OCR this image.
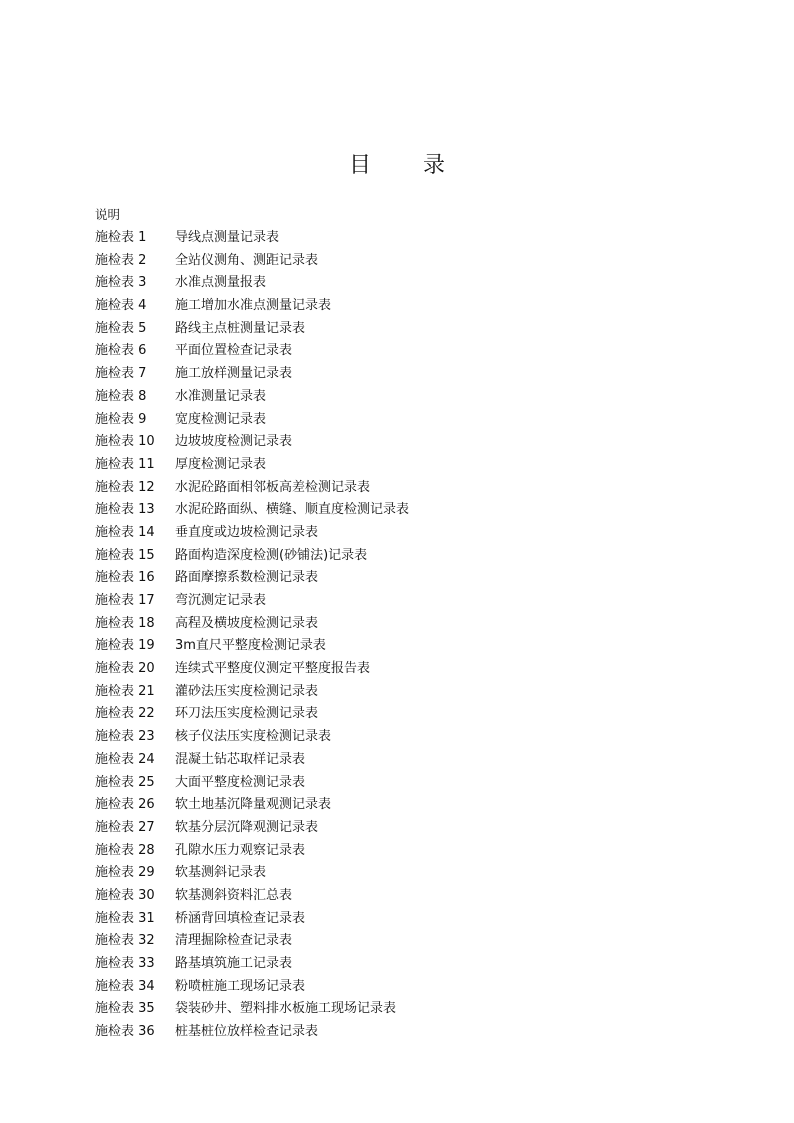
目 录
说明
施检表 1	导线点测量记录表
施检表 2	全站仪测角、测距记录表
施检表 3	水准点测量报表
施检表 4	施工增加水准点测量记录表
施检表 5	路线主点桩测量记录表
施检表 6	平面位置检查记录表
施检表 7	施工放样测量记录表
施检表 8	水准测量记录表
施检表 9	宽度检测记录表
施检表 10	边坡坡度检测记录表
施检表 11	厚度检测记录表
施检表 12	水泥砼路面相邻板高差检测记录表
施检表 13	水泥砼路面纵、横缝、顺直度检测记录表
施检表 14	垂直度或边坡检测记录表
施检表 15	路面构造深度检测(砂铺法)记录表
施检表 16	路面摩擦系数检测记录表
施检表 17	弯沉测定记录表
施检表 18	高程及横坡度检测记录表
施检表 19	3m直尺平整度检测记录表
施检表 20	连续式平整度仪测定平整度报告表
施检表 21	灌砂法压实度检测记录表
施检表 22	环刀法压实度检测记录表
施检表 23	核子仪法压实度检测记录表
施检表 24	混凝土钻芯取样记录表
施检表 25	大面平整度检测记录表
施检表 26	软土地基沉降量观测记录表
施检表 27	软基分层沉降观测记录表
施检表 28	孔隙水压力观察记录表
施检表 29	软基测斜记录表
施检表 30	软基测斜资料汇总表
施检表 31	桥涵背回填检查记录表
施检表 32	清理掘除检查记录表
施检表 33	路基填筑施工记录表
施检表 34	粉喷桩施工现场记录表
施检表 35	袋装砂井、塑料排水板施工现场记录表
施检表 36	桩基桩位放样检查记录表
